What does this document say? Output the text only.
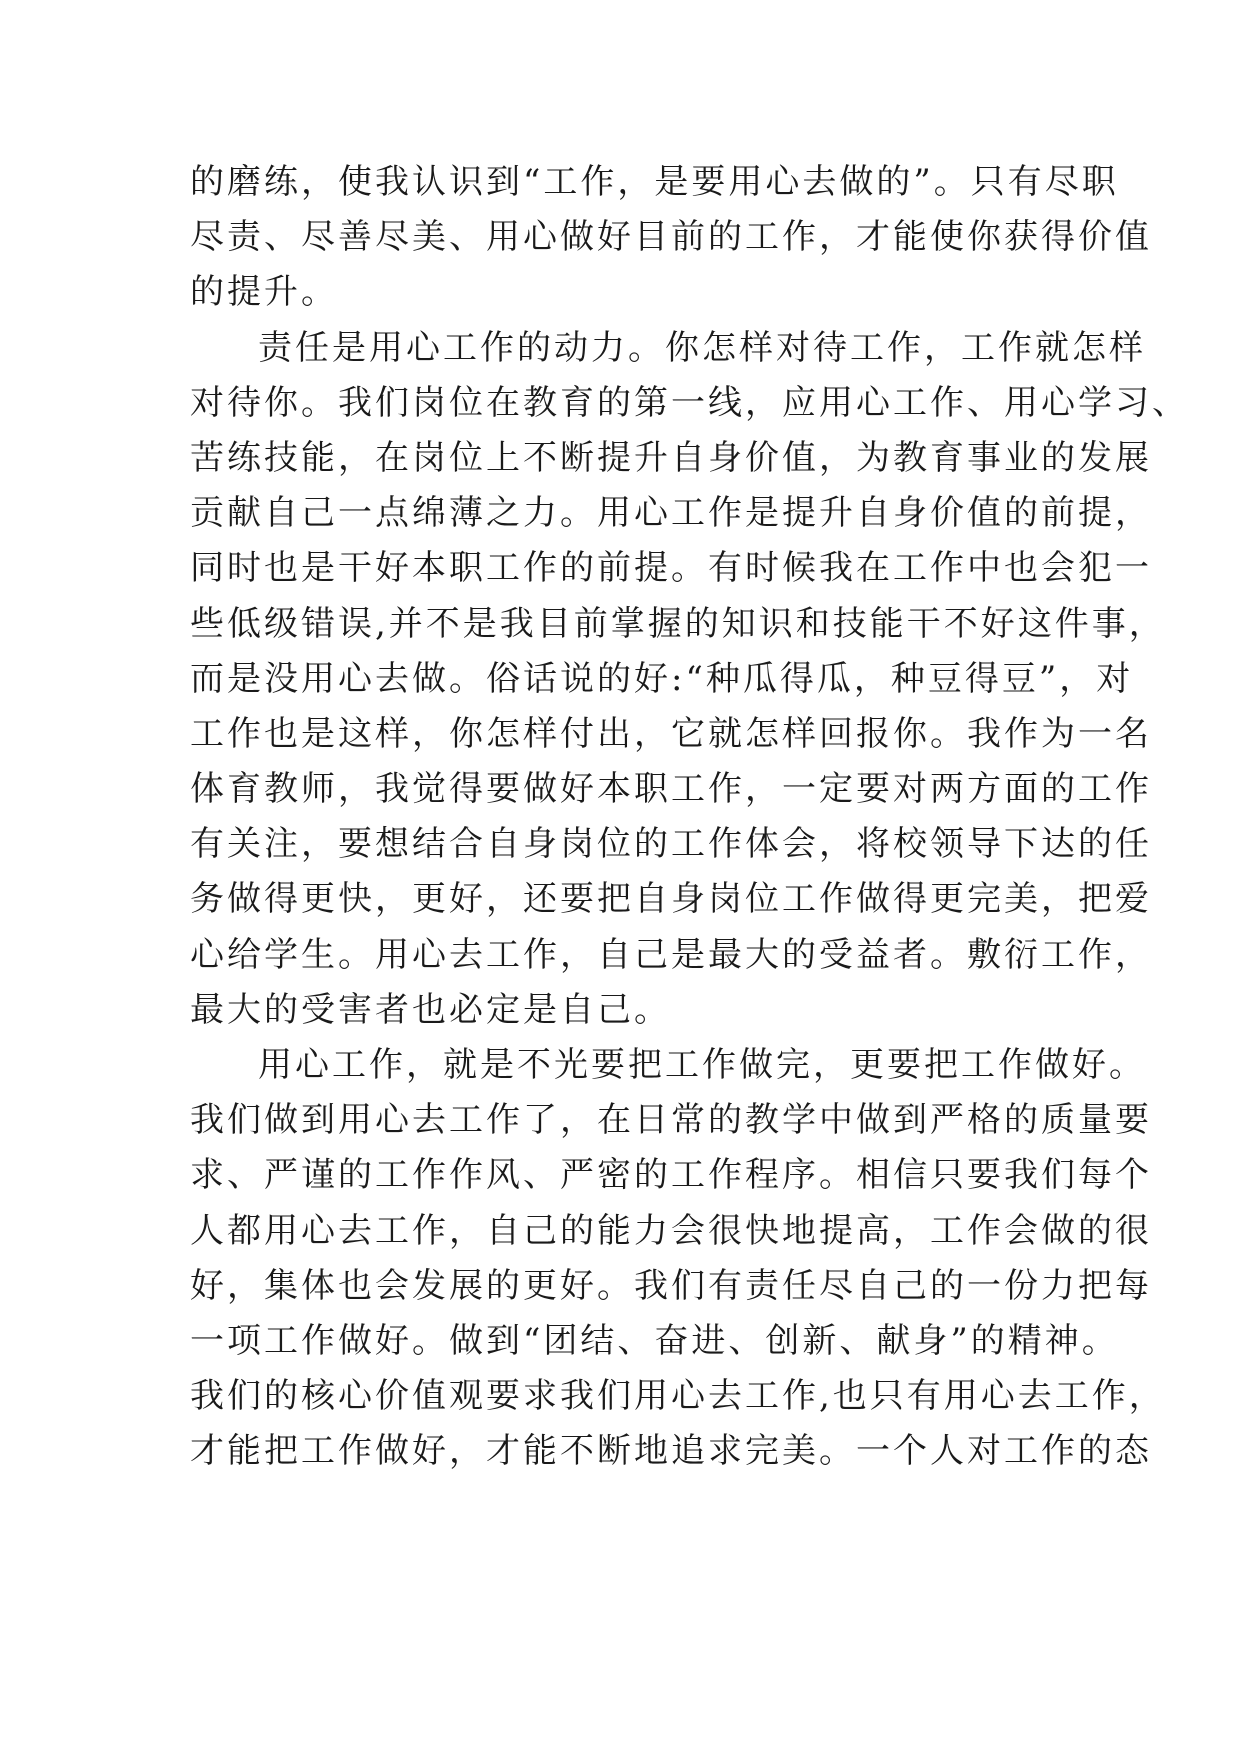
的磨练，使我认识到“工作，是要用心去做的”。只有尽职
尽责、尽善尽美、用心做好目前的工作，才能使你获得价值
的提升。
责任是用心工作的动力。你怎样对待工作，工作就怎样
对待你。我们岗位在教育的第一线，应用心工作、用心学习、
苦练技能，在岗位上不断提升自身价值，为教育事业的发展
贡献自己一点绵薄之力。用心工作是提升自身价值的前提，
同时也是干好本职工作的前提。有时候我在工作中也会犯一
些低级错误,并不是我目前掌握的知识和技能干不好这件事，
而是没用心去做。俗话说的好:“种瓜得瓜，种豆得豆”，对
工作也是这样，你怎样付出，它就怎样回报你。我作为一名
体育教师，我觉得要做好本职工作，一定要对两方面的工作
有关注，要想结合自身岗位的工作体会，将校领导下达的任
务做得更快，更好，还要把自身岗位工作做得更完美，把爱
心给学生。用心去工作，自己是最大的受益者。敷衍工作，
最大的受害者也必定是自己。
用心工作，就是不光要把工作做完，更要把工作做好。
我们做到用心去工作了，在日常的教学中做到严格的质量要
求、严谨的工作作风、严密的工作程序。相信只要我们每个
人都用心去工作，自己的能力会很快地提高，工作会做的很
好，集体也会发展的更好。我们有责任尽自己的一份力把每
一项工作做好。做到“团结、奋进、创新、献身”的精神。
我们的核心价值观要求我们用心去工作,也只有用心去工作，
才能把工作做好，才能不断地追求完美。一个人对工作的态
